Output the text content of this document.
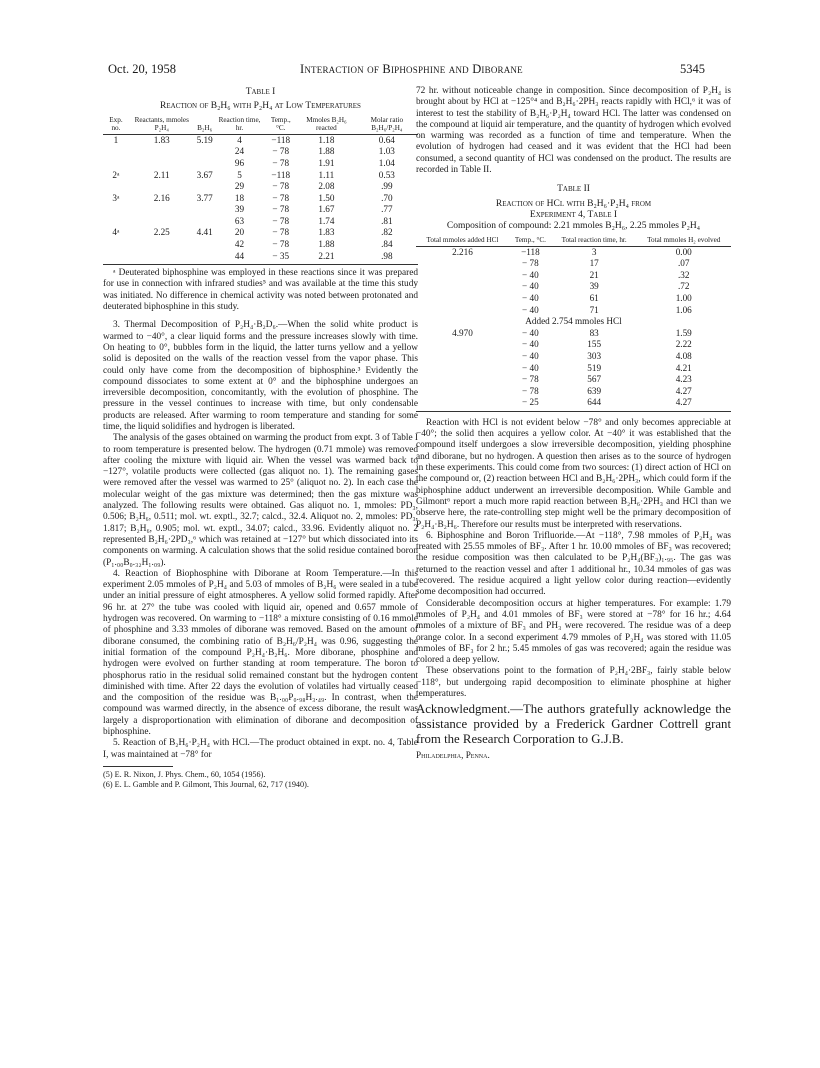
Oct. 20, 1958	Interaction of Biphosphine and Diborane	5345
Table I
Reaction of B₂H₆ with P₂H₄ at Low Temperatures
Exp. no.	Reactants, mmoles P₂H₄	B₂H₆	Reaction time, hr.	Temp., °C.	Mmoles B₂H₆ reacted	Molar ratio B₂H₆/P₂H₄
1	1.83	5.19	4	−118	1.18	0.64
			24	− 78	1.88	1.03
			96	− 78	1.91	1.04
2ᵃ	2.11	3.67	5	−118	1.11	0.53
			29	− 78	2.08	.99
3ᵃ	2.16	3.77	18	− 78	1.50	.70
			39	− 78	1.67	.77
			63	− 78	1.74	.81
4ᵃ	2.25	4.41	20	− 78	1.83	.82
			42	− 78	1.88	.84
			44	− 35	2.21	.98

ᵃ Deuterated biphosphine was employed in these reactions since it was prepared for use in connection with infrared studies⁵ and was available at the time this study was initiated. No difference in chemical activity was noted between protonated and deuterated biphosphine in this study.

3. Thermal Decomposition of P₂H₄·B₂D₆.—When the solid white product is warmed to −40°, a clear liquid forms and the pressure increases slowly with time. On heating to 0°, bubbles form in the liquid, the latter turns yellow and a yellow solid is deposited on the walls of the reaction vessel from the vapor phase. This could only have come from the decomposition of biphosphine.³ Evidently the compound dissociates to some extent at 0° and the biphosphine undergoes an irreversible decomposition, concomitantly, with the evolution of phosphine. The pressure in the vessel continues to increase with time, but only condensable products are released. After warming to room temperature and standing for some time, the liquid solidifies and hydrogen is liberated.

The analysis of the gases obtained on warming the product from expt. 3 of Table I to room temperature is presented below. The hydrogen (0.71 mmole) was removed after cooling the mixture with liquid air. When the vessel was warmed back to −127°, volatile products were collected (gas aliquot no. 1). The remaining gases were removed after the vessel was warmed to 25° (aliquot no. 2). In each case the molecular weight of the gas mixture was determined; then the gas mixture was analyzed. The following results were obtained. Gas aliquot no. 1, mmoles: PD₃, 0.506; B₂H₆, 0.511; mol. wt. exptl., 32.7; calcd., 32.4. Aliquot no. 2, mmoles: PD₃, 1.817; B₂H₆, 0.905; mol. wt. exptl., 34.07; calcd., 33.96. Evidently aliquot no. 2 represented B₂H₆·2PD₃,⁶ which was retained at −127° but which dissociated into its components on warming. A calculation shows that the solid residue contained boron (P₁.₀₀B₀.₃₂H₁.₀₉).

4. Reaction of Biophosphine with Diborane at Room Temperature.—In this experiment 2.05 mmoles of P₂H₄ and 5.03 of mmoles of B₂H₆ were sealed in a tube under an initial pressure of eight atmospheres. A yellow solid formed rapidly. After 96 hr. at 27° the tube was cooled with liquid air, opened and 0.657 mmole of hydrogen was recovered. On warming to −118° a mixture consisting of 0.16 mmole of phosphine and 3.33 mmoles of diborane was removed. Based on the amount of diborane consumed, the combining ratio of B₂H₆/P₂H₄ was 0.96, suggesting the initial formation of the compound P₂H₄·B₂H₆. More diborane, phosphine and hydrogen were evolved on further standing at room temperature. The boron to phosphorus ratio in the residual solid remained constant but the hydrogen content diminished with time. After 22 days the evolution of volatiles had virtually ceased and the composition of the residue was B₁.₀₀P₀.₉₈H₃.₄₉. In contrast, when the compound was warmed directly, in the absence of excess diborane, the result was largely a disproportionation with elimination of diborane and decomposition of biphosphine.

5. Reaction of B₂H₆·P₂H₄ with HCl.—The product obtained in expt. no. 4, Table I, was maintained at −78° for

(5) E. R. Nixon, J. Phys. Chem., 60, 1054 (1956).
(6) E. L. Gamble and P. Gilmont, This Journal, 62, 717 (1940).

72 hr. without noticeable change in composition. Since decomposition of P₂H₄ is brought about by HCl at −125°⁴ and B₂H₆·2PH₃ reacts rapidly with HCl,⁶ it was of interest to test the stability of B₂H₆·P₂H₄ toward HCl. The latter was condensed on the compound at liquid air temperature, and the quantity of hydrogen which evolved on warming was recorded as a function of time and temperature. When the evolution of hydrogen had ceased and it was evident that the HCl had been consumed, a second quantity of HCl was condensed on the product. The results are recorded in Table II.

Table II
Reaction of HCl with B₂H₆·P₂H₄ from
Experiment 4, Table I
Composition of compound: 2.21 mmoles B₂H₆, 2.25 mmoles P₂H₄
Total mmoles added HCl	Temp., °C.	Total reaction time, hr.	Total mmoles H₂ evolved
2.216	−118	3	0.00
	− 78	17	.07
	− 40	21	.32
	− 40	39	.72
	− 40	61	1.00
	− 40	71	1.06
Added 2.754 mmoles HCl			
4.970	− 40	83	1.59
	− 40	155	2.22
	− 40	303	4.08
	− 40	519	4.21
	− 78	567	4.23
	− 78	639	4.27
	− 25	644	4.27

Reaction with HCl is not evident below −78° and only becomes appreciable at −40°; the solid then acquires a yellow color. At −40° it was established that the compound itself undergoes a slow irreversible decomposition, yielding phosphine and diborane, but no hydrogen. A question then arises as to the source of hydrogen in these experiments. This could come from two sources: (1) direct action of HCl on the compound or, (2) reaction between HCl and B₂H₆·2PH₃, which could form if the biphosphine adduct underwent an irreversible decomposition. While Gamble and Gilmont⁶ report a much more rapid reaction between B₂H₆·2PH₃ and HCl than we observe here, the rate-controlling step might well be the primary decomposition of P₂H₄·B₂H₆. Therefore our results must be interpreted with reservations.

6. Biphosphine and Boron Trifluoride.—At −118°, 7.98 mmoles of P₂H₄ was treated with 25.55 mmoles of BF₃. After 1 hr. 10.00 mmoles of BF₃ was recovered; the residue composition was then calculated to be P₂H₄(BF₃)₁.₉₅. The gas was returned to the reaction vessel and after 1 additional hr., 10.34 mmoles of gas was recovered. The residue acquired a light yellow color during reaction—evidently some decomposition had occurred.

Considerable decomposition occurs at higher temperatures. For example: 1.79 mmoles of P₂H₄ and 4.01 mmoles of BF₃ were stored at −78° for 16 hr.; 4.64 mmoles of a mixture of BF₃ and PH₃ were recovered. The residue was of a deep orange color. In a second experiment 4.79 mmoles of P₂H₄ was stored with 11.05 mmoles of BF₃ for 2 hr.; 5.45 mmoles of gas was recovered; again the residue was colored a deep yellow.

These observations point to the formation of P₂H₄·2BF₃, fairly stable below −118°, but undergoing rapid decomposition to eliminate phosphine at higher temperatures.

Acknowledgment.—The authors gratefully acknowledge the assistance provided by a Frederick Gardner Cottrell grant from the Research Corporation to G.J.B.
Philadelphia, Penna.
